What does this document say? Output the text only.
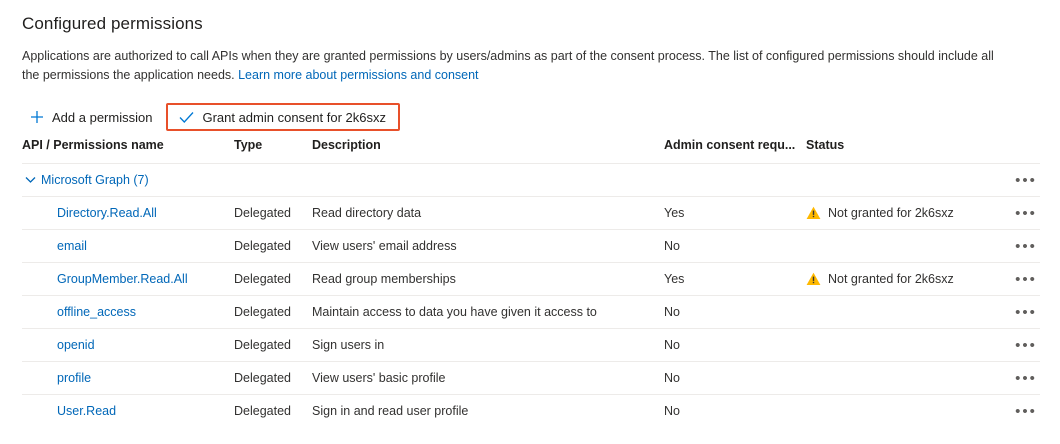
Configured permissions
Applications are authorized to call APIs when they are granted permissions by users/admins as part of the consent process. The list of configured permissions should include all the permissions the application needs. Learn more about permissions and consent
Add a permission	Grant admin consent for 2k6sxz
API / Permissions name	Type	Description	Admin consent requ...	Status	

Microsoft Graph (7)					•••
Directory.Read.All	Delegated	Read directory data	Yes	Not granted for 2k6sxz	•••
email	Delegated	View users' email address	No		•••
GroupMember.Read.All	Delegated	Read group memberships	Yes	Not granted for 2k6sxz	•••
offline_access	Delegated	Maintain access to data you have given it access to	No		•••
openid	Delegated	Sign users in	No		•••
profile	Delegated	View users' basic profile	No		•••
User.Read	Delegated	Sign in and read user profile	No		•••
